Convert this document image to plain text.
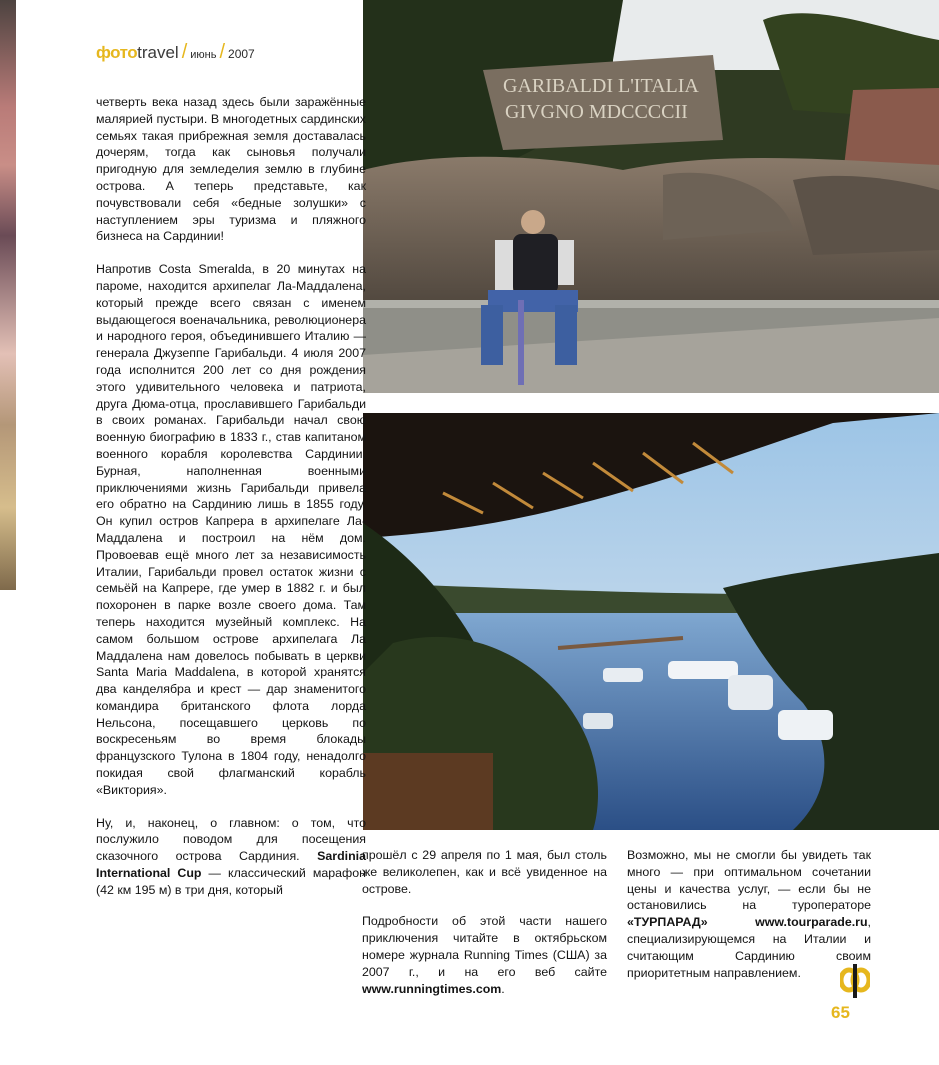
фотоtravel / июнь / 2007
GARIBALDI L'ITALIA
GIVGNO MDCCCCII

четверть века назад здесь были заражённые малярией пустыри. В многодетных сардинских семьях такая прибрежная земля доставалась дочерям, тогда как сыновья получали пригодную для земледелия землю в глубине острова. А теперь представьте, как почувствовали себя «бедные золушки» с наступлением эры туризма и пляжного бизнеса на Сардинии!

Напротив Costa Smeralda, в 20 минутах на пароме, находится архипелаг Ла-Маддалена, который прежде всего связан с именем выдающегося военачальника, революционера и народного героя, объединившего Италию — генерала Джузеппе Гарибальди. 4 июля 2007 года исполнится 200 лет со дня рождения этого удивительного человека и патриота, друга Дюма-отца, прославившего Гарибальди в своих романах. Гарибальди начал свою военную биографию в 1833 г., став капитаном военного корабля королевства Сардинии. Бурная, наполненная военными приключениями жизнь Гарибальди привела его обратно на Сардинию лишь в 1855 году. Он купил остров Капрера в архипелаге Ла-Маддалена и построил на нём дом. Провоевав ещё много лет за независимость Италии, Гарибальди провел остаток жизни с семьёй на Капрере, где умер в 1882 г. и был похоронен в парке возле своего дома. Там теперь находится музейный комплекс. На самом большом острове архипелага Ла Маддалена нам довелось побывать в церкви Santa Maria Maddalena, в которой хранятся два канделябра и крест — дар знаменитого командира британского флота лорда Нельсона, посещавшего церковь по воскресеньям во время блокады французского Тулона в 1804 году, ненадолго покидая свой флагманский корабль «Виктория».

Ну, и, наконец, о главном: о том, что послужило поводом для посещения сказочного острова Сардиния. Sardinia International Cup — классический марафон (42 км 195 м) в три дня, который

прошёл с 29 апреля по 1 мая, был столь же великолепен, как и всё увиденное на острове.

Подробности об этой части нашего приключения читайте в октябрьском номере журнала Running Times (США) за 2007 г., и на его веб сайте www.runningtimes.com.

Возможно, мы не смогли бы увидеть так много — при оптимальном сочетании цены и качества услуг, — если бы не остановились на туроператоре «ТУРПАРАД»	www.tourparade.ru, специализирующемся на Италии и считающим Сардинию своим приоритетным направлением.

65
